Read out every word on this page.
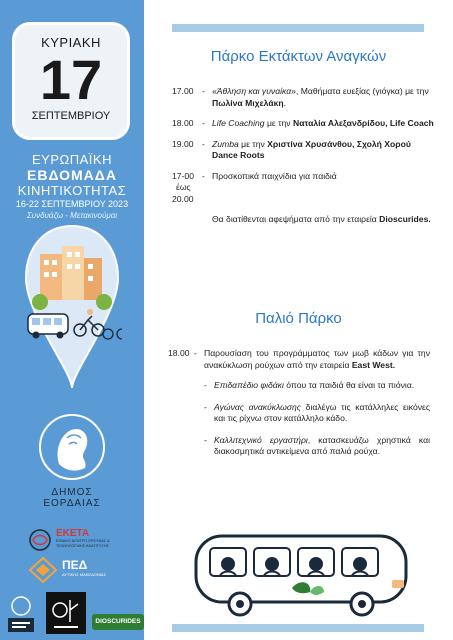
ΚΥΡΙΑΚΗ
17
ΣΕΠΤΕΜΒΡΙΟΥ
ΕΥΡΩΠΑΪΚΗ
ΕΒΔΟΜΑΔΑ
ΚΙΝΗΤΙΚΟΤΗΤΑΣ
16-22 ΣΕΠΤΕΜΒΡΙΟΥ 2023
Συνδυάζω - Μετακινούμαι
ΔΗΜΟΣ
ΕΟΡΔΑΙΑΣ
ΕΚΕΤΑ
ΕΘΝΙΚΟ ΚΕΝΤΡΟ ΕΡΕΥΝΑΣ & ΤΕΧΝΟΛΟΓΙΚΗΣ ΑΝΑΠΤΥΞΗΣ
ΠΕΔ
ΔΥΤΙΚΗΣ ΜΑΚΕΔΟΝΙΑΣ
DIOSCURIDES
Πάρκο Εκτάκτων Αναγκών
17.00 - «Άθληση και γυναίκα», Μαθήματα ευεξίας (γιόγκα) με την Πωλίνα Μιχελάκη.
18.00 - Life Coaching με την Ναταλία Αλεξανδρίδου, Life Coach
19.00 - Zumba με την Χριστίνα Χρυσάνθου, Σχολή Χορού Dance Roots
17-00
έως
20.00
- Προσκοπικά παιχνίδια για παιδιά
Θα διατίθενται αφεψήματα από την εταιρεία Dioscurides.
Παλιό Πάρκο
18.00 - Παρουσίαση του προγράμματος των μωβ κάδων για την ανακύκλωση ρούχων από την εταιρεία East West.
- Επιδαπέδιο φιδάκι όπου τα παιδιά θα είναι τα πιόνια.
- Αγώνας ανακύκλωσης διαλέγω τις κατάλληλες εικόνες και τις ρίχνω στον κατάλληλο κάδο.
- Καλλιτεχνικό εργαστήρι, κατασκευάζω χρηστικά και διακοσμητικά αντικείμενα από παλιά ρούχα.
